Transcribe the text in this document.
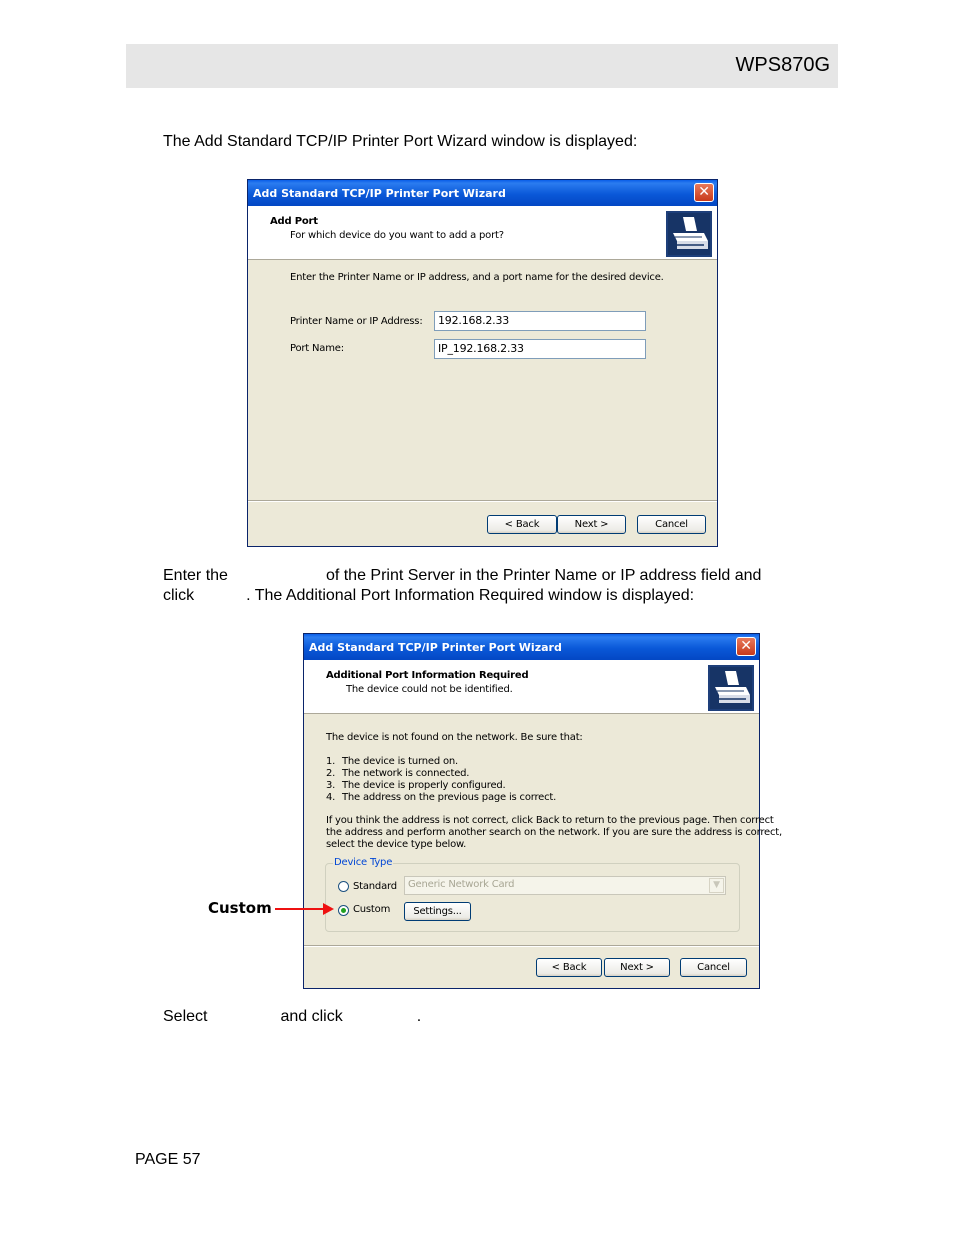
WPS870G

The Add Standard TCP/IP Printer Port Wizard window is displayed:

Add Standard TCP/IP Printer Port Wizard	✕
Add Port
For which device do you want to add a port?
Enter the Printer Name or IP address, and a port name for the desired device.
Printer Name or IP Address:	192.168.2.33
Port Name:	IP_192.168.2.33
< Back	Next >	Cancel

Enter the	of the Print Server in the Printer Name or IP address field and

click	. The Additional Port Information Required window is displayed:

Add Standard TCP/IP Printer Port Wizard	✕
Additional Port Information Required
The device could not be identified.
The device is not found on the network. Be sure that:
1. The device is turned on.
2. The network is connected.
3. The device is properly configured.
4. The address on the previous page is correct.
If you think the address is not correct, click Back to return to the previous page. Then correct
the address and perform another search on the network. If you are sure the address is correct,
select the device type below.
Device Type
Standard	Generic Network Card	▼
Custom	Settings...
< Back	Next >	Cancel
Custom

Select	and click	.

PAGE 57
